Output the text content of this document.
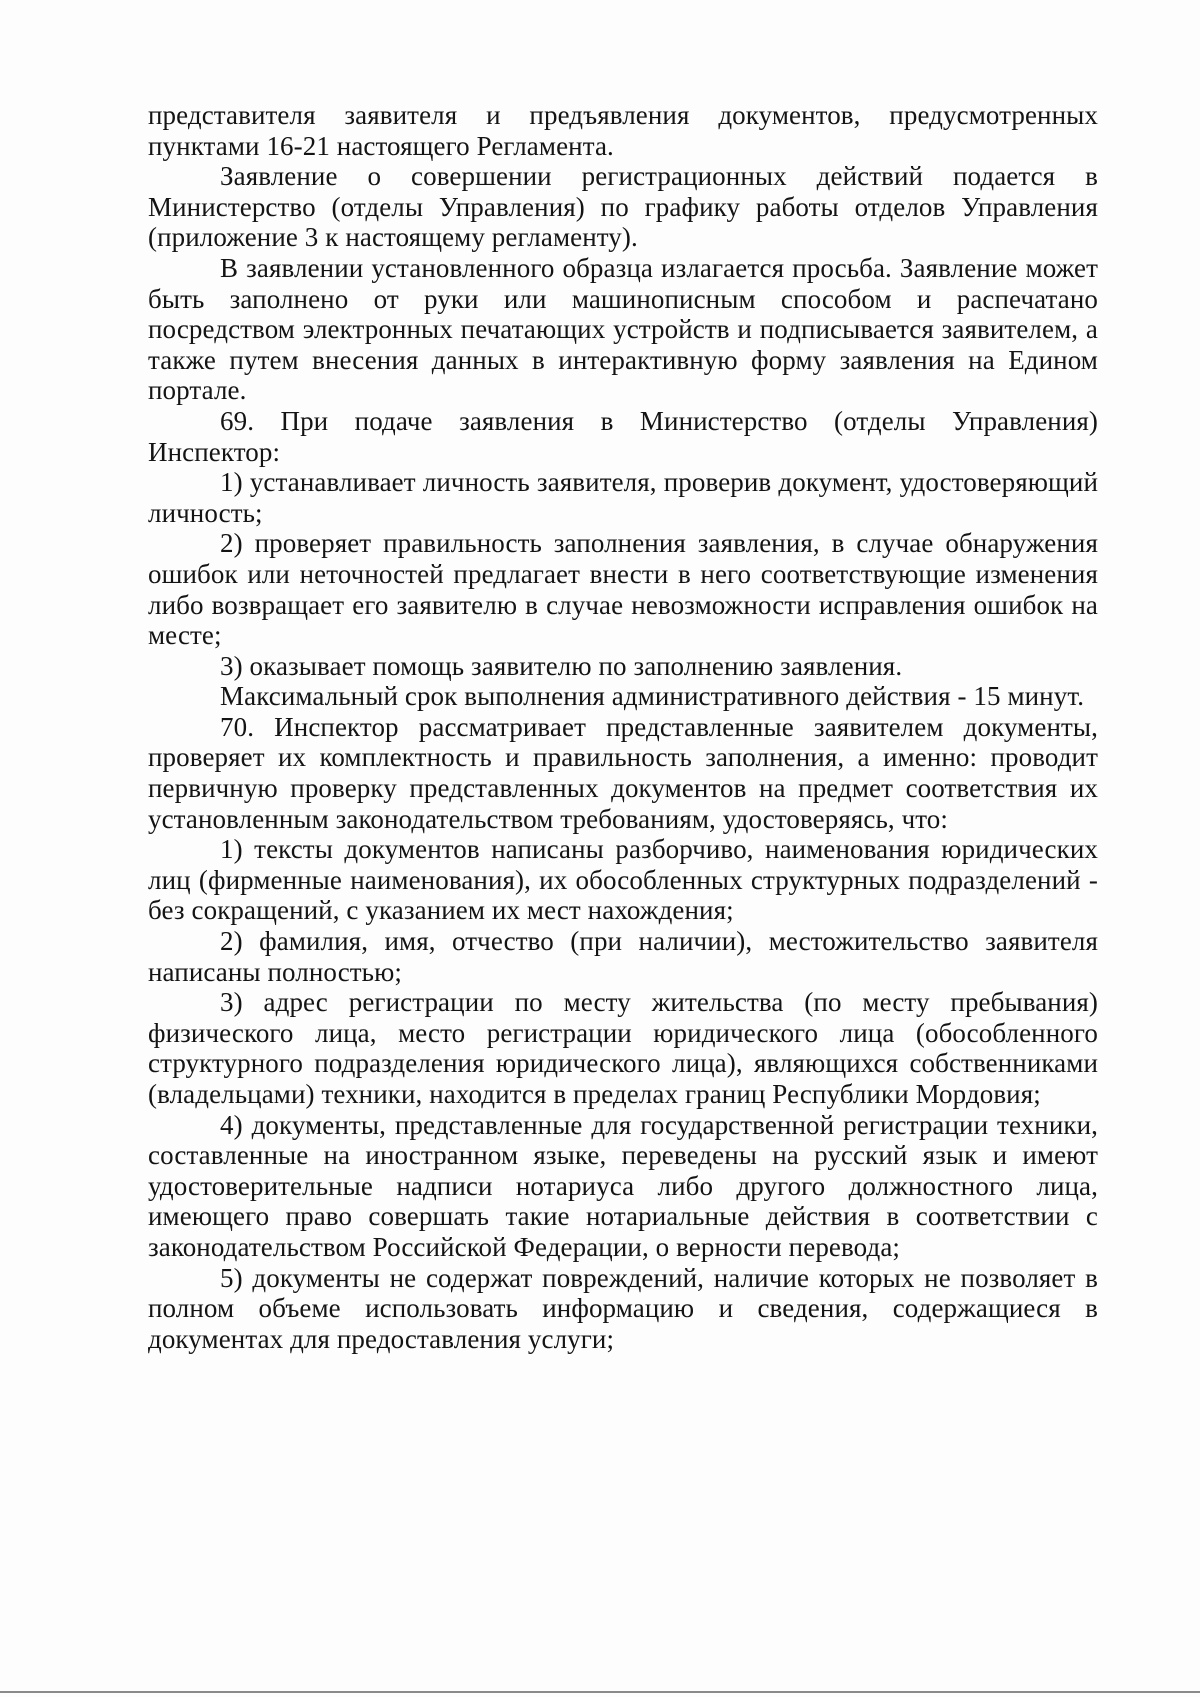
представителя заявителя и предъявления документов, предусмотренных пунктами 16-21 настоящего Регламента.

Заявление о совершении регистрационных действий подается в Министерство (отделы Управления) по графику работы отделов Управления (приложение 3 к настоящему регламенту).

В заявлении установленного образца излагается просьба. Заявление может быть заполнено от руки или машинописным способом и распечатано посредством электронных печатающих устройств и подписывается заявителем, а также путем внесения данных в интерактивную форму заявления на Едином портале.

69. При подаче заявления в Министерство (отделы Управления) Инспектор:

1) устанавливает личность заявителя, проверив документ, удостоверяющий личность;

2) проверяет правильность заполнения заявления, в случае обнаружения ошибок или неточностей предлагает внести в него соответствующие изменения либо возвращает его заявителю в случае невозможности исправления ошибок на месте;

3) оказывает помощь заявителю по заполнению заявления.

Максимальный срок выполнения административного действия - 15 минут.

70. Инспектор рассматривает представленные заявителем документы, проверяет их комплектность и правильность заполнения, а именно: проводит первичную проверку представленных документов на предмет соответствия их установленным законодательством требованиям, удостоверяясь, что:

1) тексты документов написаны разборчиво, наименования юридических лиц (фирменные наименования), их обособленных структурных подразделений - без сокращений, с указанием их мест нахождения;

2) фамилия, имя, отчество (при наличии), местожительство заявителя написаны полностью;

3) адрес регистрации по месту жительства (по месту пребывания) физического лица, место регистрации юридического лица (обособленного структурного подразделения юридического лица), являющихся собственниками (владельцами) техники, находится в пределах границ Республики Мордовия;

4) документы, представленные для государственной регистрации техники, составленные на иностранном языке, переведены на русский язык и имеют удостоверительные надписи нотариуса либо другого должностного лица, имеющего право совершать такие нотариальные действия в соответствии с законодательством Российской Федерации, о верности перевода;

5) документы не содержат повреждений, наличие которых не позволяет в полном объеме использовать информацию и сведения, содержащиеся в документах для предоставления услуги;
